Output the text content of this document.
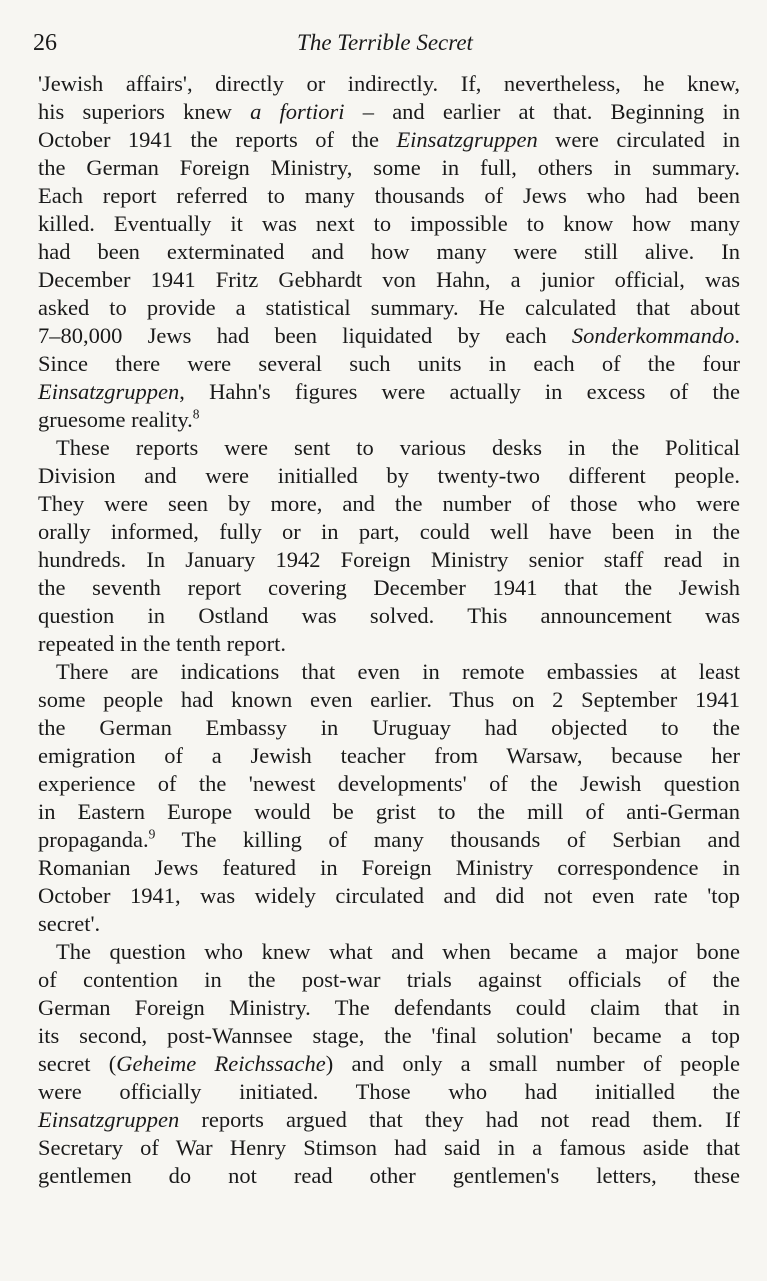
26	The Terrible Secret
'Jewish affairs', directly or indirectly. If, nevertheless, he knew,
his superiors knew a fortiori – and earlier at that. Beginning in
October 1941 the reports of the Einsatzgruppen were circulated in
the German Foreign Ministry, some in full, others in summary.
Each report referred to many thousands of Jews who had been
killed. Eventually it was next to impossible to know how many
had been exterminated and how many were still alive. In
December 1941 Fritz Gebhardt von Hahn, a junior official, was
asked to provide a statistical summary. He calculated that about
7–80,000 Jews had been liquidated by each Sonderkommando.
Since there were several such units in each of the four
Einsatzgruppen, Hahn's figures were actually in excess of the
gruesome reality.$^8$
These reports were sent to various desks in the Political
Division and were initialled by twenty-two different people.
They were seen by more, and the number of those who were
orally informed, fully or in part, could well have been in the
hundreds. In January 1942 Foreign Ministry senior staff read in
the seventh report covering December 1941 that the Jewish
question in Ostland was solved. This announcement was
repeated in the tenth report.
There are indications that even in remote embassies at least
some people had known even earlier. Thus on 2 September 1941
the German Embassy in Uruguay had objected to the
emigration of a Jewish teacher from Warsaw, because her
experience of the 'newest developments' of the Jewish question
in Eastern Europe would be grist to the mill of anti-German
propaganda.$^9$ The killing of many thousands of Serbian and
Romanian Jews featured in Foreign Ministry correspondence in
October 1941, was widely circulated and did not even rate 'top
secret'.
The question who knew what and when became a major bone
of contention in the post-war trials against officials of the
German Foreign Ministry. The defendants could claim that in
its second, post-Wannsee stage, the 'final solution' became a top
secret (Geheime Reichssache) and only a small number of people
were officially initiated. Those who had initialled the
Einsatzgruppen reports argued that they had not read them. If
Secretary of War Henry Stimson had said in a famous aside that
gentlemen do not read other gentlemen's letters, these
